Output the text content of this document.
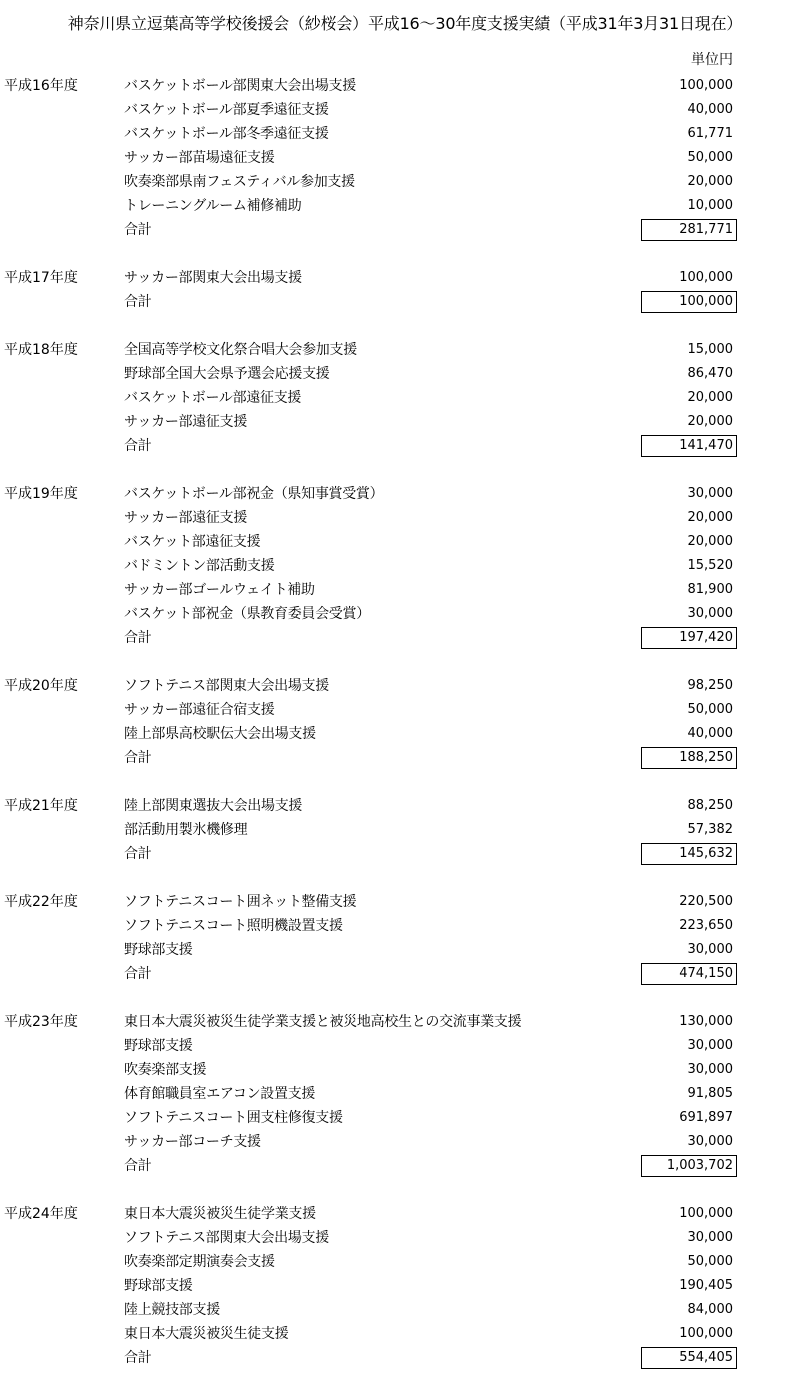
神奈川県立逗葉高等学校後援会（紗桜会）平成16～30年度支援実績（平成31年3月31日現在）
単位円
平成16年度	バスケットボール部関東大会出場支援	100,000
バスケットボール部夏季遠征支援	40,000
バスケットボール部冬季遠征支援	61,771
サッカー部苗場遠征支援	50,000
吹奏楽部県南フェスティバル参加支援	20,000
トレーニングルーム補修補助	10,000
合計	281,771
平成17年度	サッカー部関東大会出場支援	100,000
合計	100,000
平成18年度	全国高等学校文化祭合唱大会参加支援	15,000
野球部全国大会県予選会応援支援	86,470
バスケットボール部遠征支援	20,000
サッカー部遠征支援	20,000
合計	141,470
平成19年度	バスケットボール部祝金（県知事賞受賞）	30,000
サッカー部遠征支援	20,000
バスケット部遠征支援	20,000
バドミントン部活動支援	15,520
サッカー部ゴールウェイト補助	81,900
バスケット部祝金（県教育委員会受賞）	30,000
合計	197,420
平成20年度	ソフトテニス部関東大会出場支援	98,250
サッカー部遠征合宿支援	50,000
陸上部県高校駅伝大会出場支援	40,000
合計	188,250
平成21年度	陸上部関東選抜大会出場支援	88,250
部活動用製氷機修理	57,382
合計	145,632
平成22年度	ソフトテニスコート囲ネット整備支援	220,500
ソフトテニスコート照明機設置支援	223,650
野球部支援	30,000
合計	474,150
平成23年度	東日本大震災被災生徒学業支援と被災地高校生との交流事業支援	130,000
野球部支援	30,000
吹奏楽部支援	30,000
体育館職員室エアコン設置支援	91,805
ソフトテニスコート囲支柱修復支援	691,897
サッカー部コーチ支援	30,000
合計	1,003,702
平成24年度	東日本大震災被災生徒学業支援	100,000
ソフトテニス部関東大会出場支援	30,000
吹奏楽部定期演奏会支援	50,000
野球部支援	190,405
陸上競技部支援	84,000
東日本大震災被災生徒支援	100,000
合計	554,405
